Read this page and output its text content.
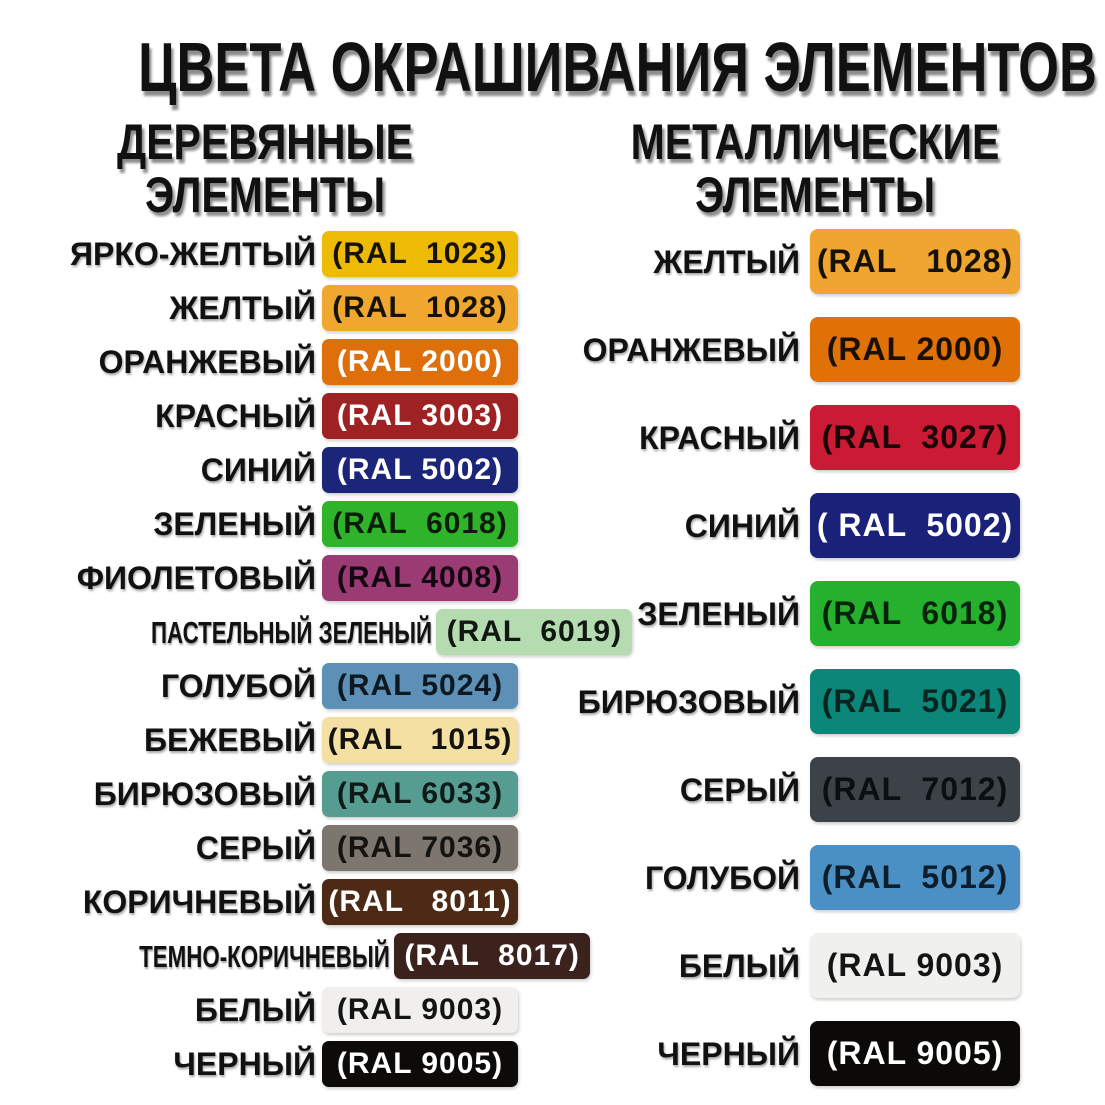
ЦВЕТА ОКРАШИВАНИЯ ЭЛЕМЕНТОВ
ДЕРЕВЯННЫЕ
ЭЛЕМЕНТЫ
МЕТАЛЛИЧЕСКИЕ
ЭЛЕМЕНТЫ
ЯРКО-ЖЕЛТЫЙ (RAL  1023)
ЖЕЛТЫЙ (RAL  1028)
ОРАНЖЕВЫЙ (RAL 2000)
КРАСНЫЙ (RAL 3003)
СИНИЙ (RAL 5002)
ЗЕЛЕНЫЙ (RAL  6018)
ФИОЛЕТОВЫЙ (RAL 4008)
ПАСТЕЛЬНЫЙ ЗЕЛЕНЫЙ (RAL  6019)
ГОЛУБОЙ (RAL 5024)
БЕЖЕВЫЙ (RAL   1015)
БИРЮЗОВЫЙ (RAL 6033)
СЕРЫЙ (RAL 7036)
КОРИЧНЕВЫЙ (RAL   8011)
ТЕМНО-КОРИЧНЕВЫЙ (RAL  8017)
БЕЛЫЙ (RAL 9003)
ЧЕРНЫЙ (RAL 9005)
ЖЕЛТЫЙ (RAL   1028)
ОРАНЖЕВЫЙ (RAL 2000)
КРАСНЫЙ (RAL  3027)
СИНИЙ ( RAL  5002)
ЗЕЛЕНЫЙ (RAL  6018)
БИРЮЗОВЫЙ (RAL  5021)
СЕРЫЙ (RAL  7012)
ГОЛУБОЙ (RAL  5012)
БЕЛЫЙ (RAL 9003)
ЧЕРНЫЙ (RAL 9005)
